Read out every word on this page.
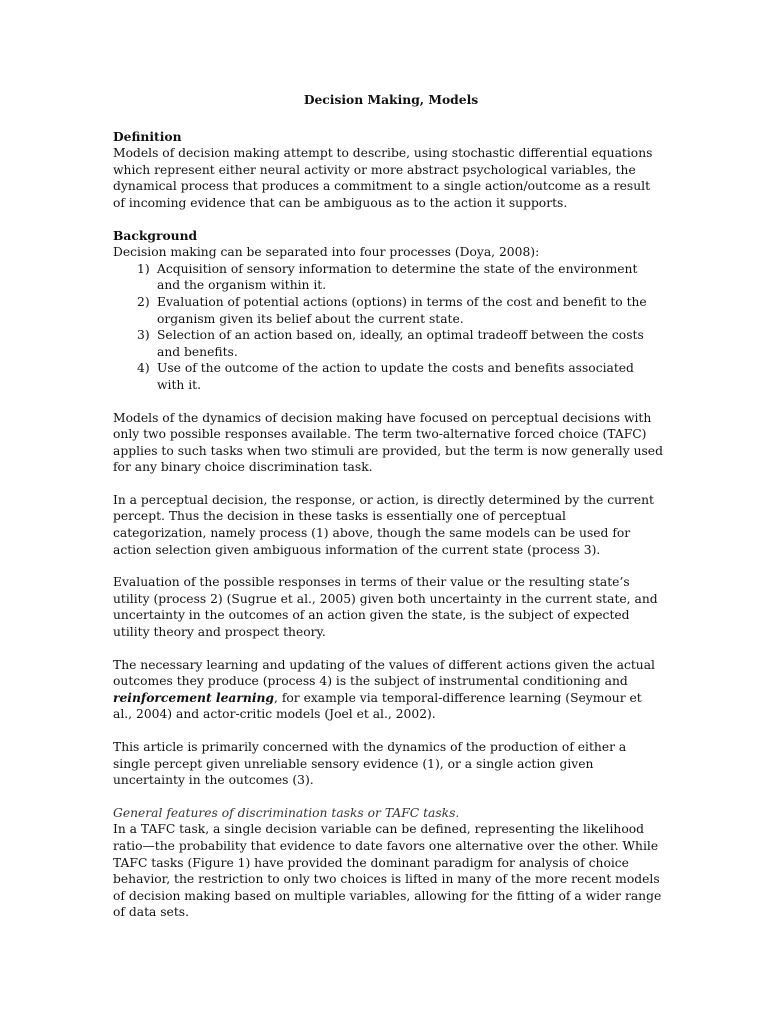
Decision Making, Models
Definition

Models of decision making attempt to describe, using stochastic differential equations which represent either neural activity or more abstract psychological variables, the dynamical process that produces a commitment to a single action/outcome as a result of incoming evidence that can be ambiguous as to the action it supports.

Background

Decision making can be separated into four processes (Doya, 2008):

1) Acquisition of sensory information to determine the state of the environment and the organism within it.
2) Evaluation of potential actions (options) in terms of the cost and benefit to the organism given its belief about the current state.
3) Selection of an action based on, ideally, an optimal tradeoff between the costs and benefits.
4) Use of the outcome of the action to update the costs and benefits associated with it.

Models of the dynamics of decision making have focused on perceptual decisions with only two possible responses available. The term two-alternative forced choice (TAFC) applies to such tasks when two stimuli are provided, but the term is now generally used for any binary choice discrimination task.

In a perceptual decision, the response, or action, is directly determined by the current percept. Thus the decision in these tasks is essentially one of perceptual categorization, namely process (1) above, though the same models can be used for action selection given ambiguous information of the current state (process 3).

Evaluation of the possible responses in terms of their value or the resulting state’s utility (process 2) (Sugrue et al., 2005) given both uncertainty in the current state, and uncertainty in the outcomes of an action given the state, is the subject of expected utility theory and prospect theory.

The necessary learning and updating of the values of different actions given the actual outcomes they produce (process 4) is the subject of instrumental conditioning and reinforcement learning, for example via temporal-difference learning (Seymour et al., 2004) and actor-critic models (Joel et al., 2002).

This article is primarily concerned with the dynamics of the production of either a single percept given unreliable sensory evidence (1), or a single action given uncertainty in the outcomes (3).

General features of discrimination tasks or TAFC tasks.

In a TAFC task, a single decision variable can be defined, representing the likelihood ratio—the probability that evidence to date favors one alternative over the other. While TAFC tasks (Figure 1) have provided the dominant paradigm for analysis of choice behavior, the restriction to only two choices is lifted in many of the more recent models of decision making based on multiple variables, allowing for the fitting of a wider range of data sets.
